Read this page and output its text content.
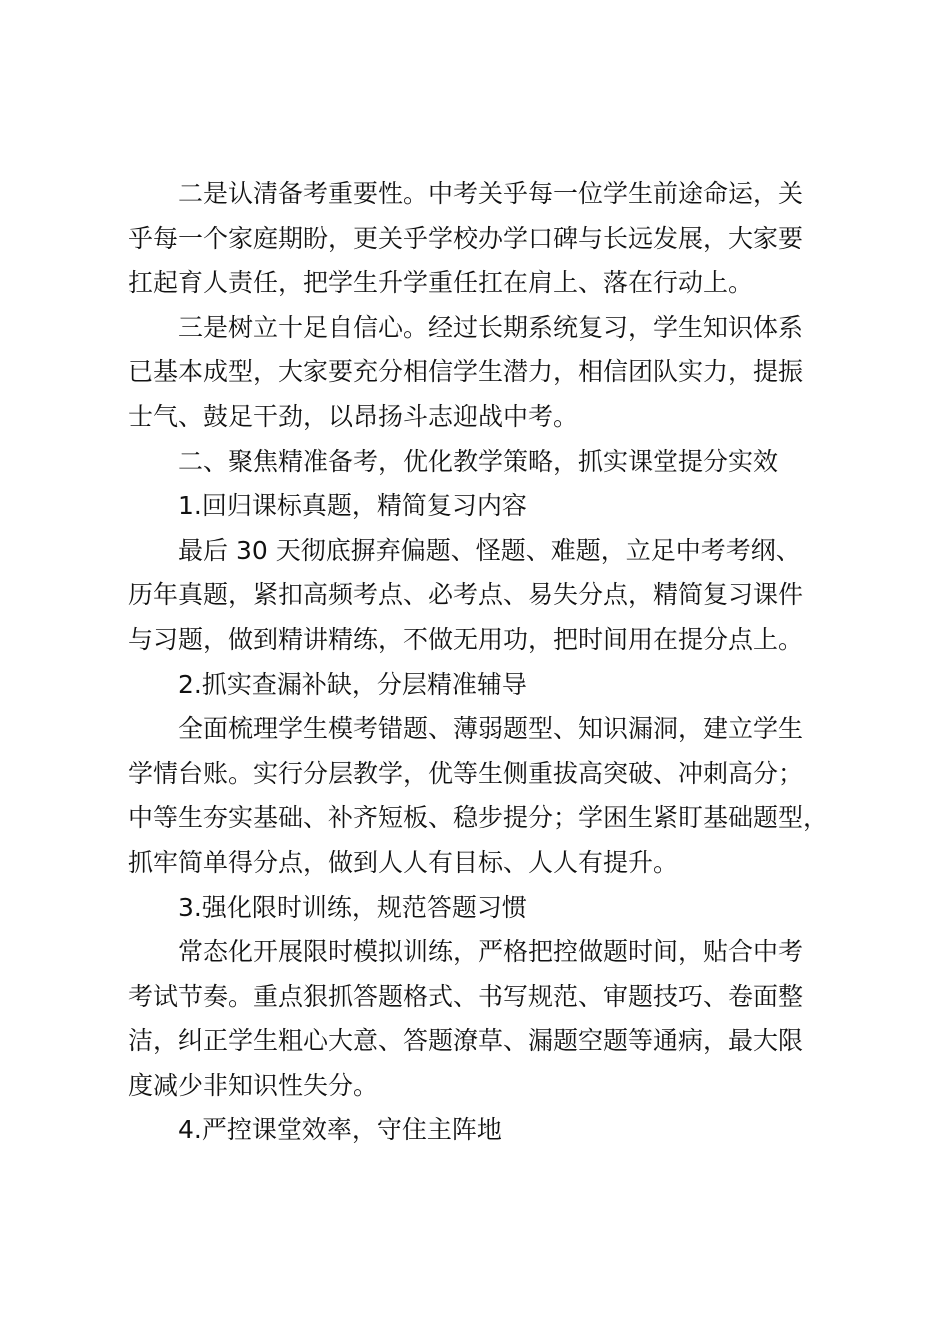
二是认清备考重要性。中考关乎每一位学生前途命运，关
乎每一个家庭期盼，更关乎学校办学口碑与长远发展，大家要
扛起育人责任，把学生升学重任扛在肩上、落在行动上。
三是树立十足自信心。经过长期系统复习，学生知识体系
已基本成型，大家要充分相信学生潜力，相信团队实力，提振
士气、鼓足干劲，以昂扬斗志迎战中考。
二、聚焦精准备考，优化教学策略，抓实课堂提分实效
1.回归课标真题，精简复习内容
最后 30 天彻底摒弃偏题、怪题、难题，立足中考考纲、
历年真题，紧扣高频考点、必考点、易失分点，精简复习课件
与习题，做到精讲精练，不做无用功，把时间用在提分点上。
2.抓实查漏补缺，分层精准辅导
全面梳理学生模考错题、薄弱题型、知识漏洞，建立学生
学情台账。实行分层教学，优等生侧重拔高突破、冲刺高分；
中等生夯实基础、补齐短板、稳步提分；学困生紧盯基础题型，
抓牢简单得分点，做到人人有目标、人人有提升。
3.强化限时训练，规范答题习惯
常态化开展限时模拟训练，严格把控做题时间，贴合中考
考试节奏。重点狠抓答题格式、书写规范、审题技巧、卷面整
洁，纠正学生粗心大意、答题潦草、漏题空题等通病，最大限
度减少非知识性失分。
4.严控课堂效率，守住主阵地
